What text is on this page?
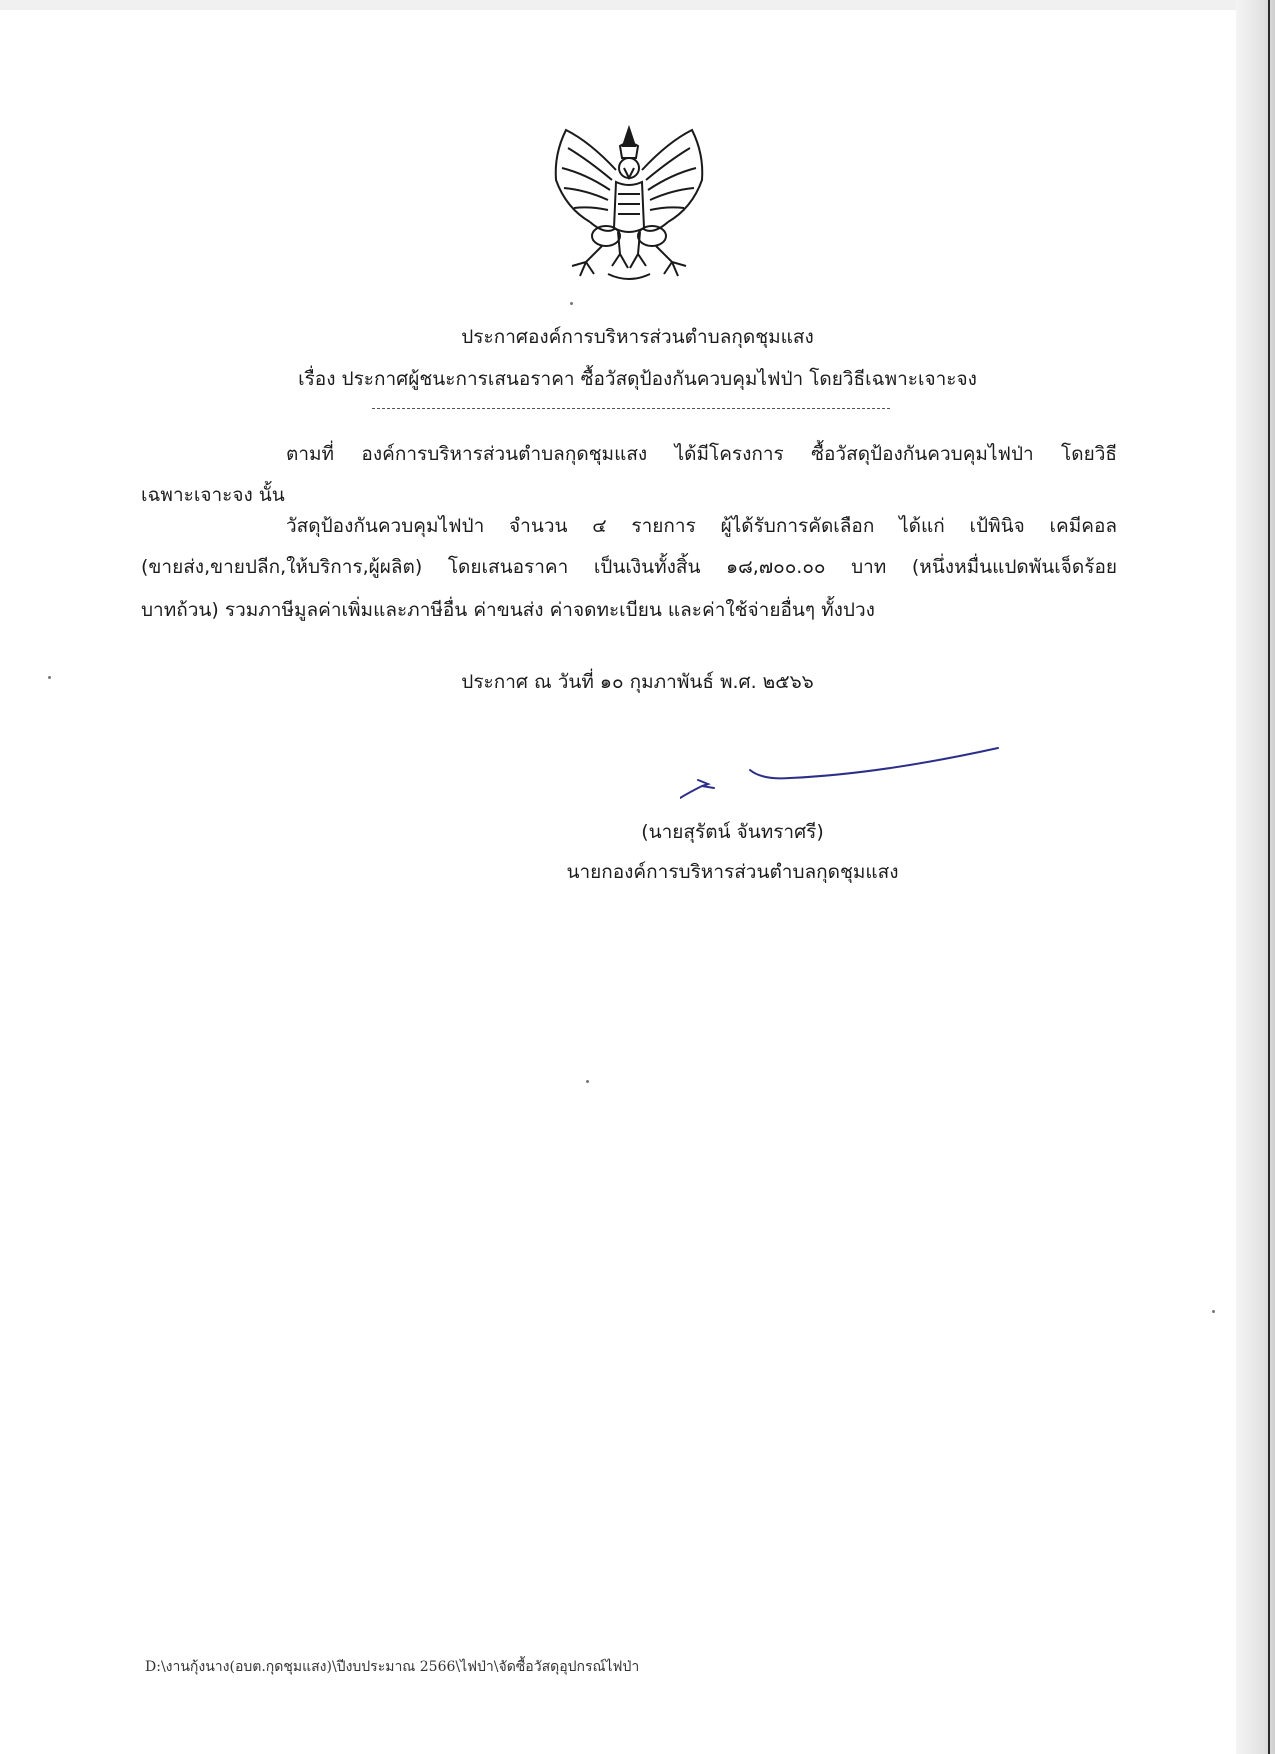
ประกาศองค์การบริหารส่วนตำบลกุดชุมแสง
เรื่อง ประกาศผู้ชนะการเสนอราคา ซื้อวัสดุป้องกันควบคุมไฟป่า โดยวิธีเฉพาะเจาะจง
ตามที่ องค์การบริหารส่วนตำบลกุดชุมแสง ได้มีโครงการ ซื้อวัสดุป้องกันควบคุมไฟป่า โดยวิธี
เฉพาะเจาะจง นั้น
วัสดุป้องกันควบคุมไฟป่า จำนวน ๔ รายการ ผู้ได้รับการคัดเลือก ได้แก่ เป้พินิจ เคมีคอล
(ขายส่ง,ขายปลีก,ให้บริการ,ผู้ผลิต) โดยเสนอราคา เป็นเงินทั้งสิ้น ๑๘,๗๐๐.๐๐ บาท (หนึ่งหมื่นแปดพันเจ็ดร้อย
บาทถ้วน) รวมภาษีมูลค่าเพิ่มและภาษีอื่น ค่าขนส่ง ค่าจดทะเบียน และค่าใช้จ่ายอื่นๆ ทั้งปวง
ประกาศ ณ วันที่ ๑๐ กุมภาพันธ์ พ.ศ. ๒๕๖๖
(นายสุรัตน์ จันทราศรี)
นายกองค์การบริหารส่วนตำบลกุดชุมแสง
D:\งานกุ้งนาง(อบต.กุดชุมแสง)\ปีงบประมาณ 2566\ไฟป่า\จัดซื้อวัสดุอุปกรณ์ไฟป่า
